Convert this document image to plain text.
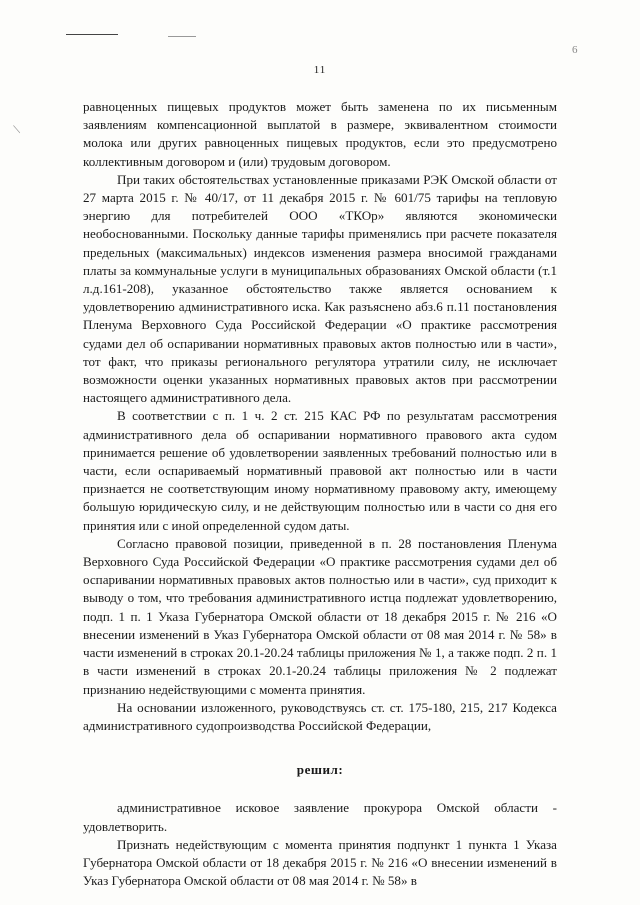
6
/
11

равноценных пищевых продуктов может быть заменена по их письменным заявлениям компенсационной выплатой в размере, эквивалентном стоимости молока или других равноценных пищевых продуктов, если это предусмотрено коллективным договором и (или) трудовым договором.

При таких обстоятельствах установленные приказами РЭК Омской области от 27 марта 2015 г. № 40/17, от 11 декабря 2015 г. № 601/75 тарифы на тепловую энергию для потребителей ООО «ТКОр» являются экономически необоснованными. Поскольку данные тарифы применялись при расчете показателя предельных (максимальных) индексов изменения размера вносимой гражданами платы за коммунальные услуги в муниципальных образованиях Омской области (т.1 л.д.161-208), указанное обстоятельство также является основанием к удовлетворению административного иска. Как разъяснено абз.6 п.11 постановления Пленума Верховного Суда Российской Федерации «О практике рассмотрения судами дел об оспаривании нормативных правовых актов полностью или в части», тот факт, что приказы регионального регулятора утратили силу, не исключает возможности оценки указанных нормативных правовых актов при рассмотрении настоящего административного дела.

В соответствии с п. 1 ч. 2 ст. 215 КАС РФ по результатам рассмотрения административного дела об оспаривании нормативного правового акта судом принимается решение об удовлетворении заявленных требований полностью или в части, если оспариваемый нормативный правовой акт полностью или в части признается не соответствующим иному нормативному правовому акту, имеющему большую юридическую силу, и не действующим полностью или в части со дня его принятия или с иной определенной судом даты.

Согласно правовой позиции, приведенной в п. 28 постановления Пленума Верховного Суда Российской Федерации «О практике рассмотрения судами дел об оспаривании нормативных правовых актов полностью или в части», суд приходит к выводу о том, что требования административного истца подлежат удовлетворению, подп. 1 п. 1 Указа Губернатора Омской области от 18 декабря 2015 г. № 216 «О внесении изменений в Указ Губернатора Омской области от 08 мая 2014 г. № 58» в части изменений в строках 20.1-20.24 таблицы приложения № 1, а также подп. 2 п. 1 в части изменений в строках 20.1-20.24 таблицы приложения № 2 подлежат признанию недействующими с момента принятия.

На основании изложенного, руководствуясь ст. ст. 175-180, 215, 217 Кодекса административного судопроизводства Российской Федерации,

решил:

административное исковое заявление прокурора Омской области - удовлетворить.

Признать недействующим с момента принятия подпункт 1 пункта 1 Указа Губернатора Омской области от 18 декабря 2015 г. № 216 «О внесении изменений в Указ Губернатора Омской области от 08 мая 2014 г. № 58» в
